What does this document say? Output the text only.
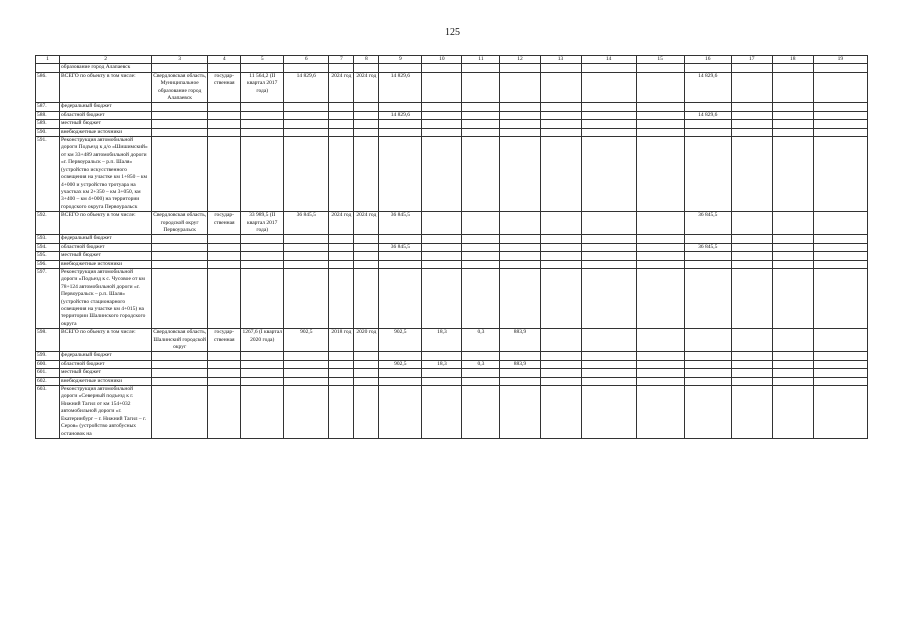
125
1	2	3	4	5	6	7	8	9	10	11	12	13	14	15	16	17	18	19
	образование город Алапаевск																	
586.	ВСЕГО по объекту в том числе:	Свердловская область, Муниципальное образование город Алапаевск	государ-ственная	11 564,2 (II квартал 2017 года)	14 829,6	2024 год	2024 год	14 829,6							14 829,6			
587.	федеральный бюджет																	
588.	областной бюджет							14 829,6							14 829,6			
589.	местный бюджет																	
590.	внебюджетные источники																	
591.	Реконструкция автомобильной дороги Подъезд к д/о «Шишимский» от км 33+489 автомобильной дороги «г. Первоуральск – р.п. Шаля» (устройство искусственного освещения на участке км 1+850 – км 4+000 и устройство тротуара на участках км 2+350 – км 3+050, км 3+400 – км 4+000) на территории городского округа Первоуральск																	
592.	ВСЕГО по объекту в том числе:	Свердловская область, городской округ Первоуральск	государ-ственная	33 989,5 (II квартал 2017 года)	36 845,5	2024 год	2024 год	36 845,5							36 845,5			
593.	федеральный бюджет																	
594.	областной бюджет							36 845,5							36 845,5			
595.	местный бюджет																	
596.	внебюджетные источники																	
597.	Реконструкция автомобильной дороги «Подъезд к с. Чусовое от км 78+124 автомобильной дороги «г. Первоуральск – р.п. Шаля» (устройство стационарного освещения на участке км 4+015) на территории Шалинского городского округа																	
598.	ВСЕГО по объекту в том числе:	Свердловская область, Шалинский городской округ	государ-ственная	1267,6 (I квартал 2020 года)	902,5	2018 год	2020 год	902,5	18,3	0,3	883,9							
599.	федеральный бюджет																	
600.	областной бюджет							902,5	18,3	0,3	883,9							
601.	местный бюджет																	
602.	внебюджетные источники																	
603.	Реконструкция автомобильной дороги «Северный подъезд к г. Нижний Тагил от км 154+032 автомобильной дороги «г. Екатеринбург – г. Нижний Тагил – г. Серов» (устройство автобусных остановок на																	
